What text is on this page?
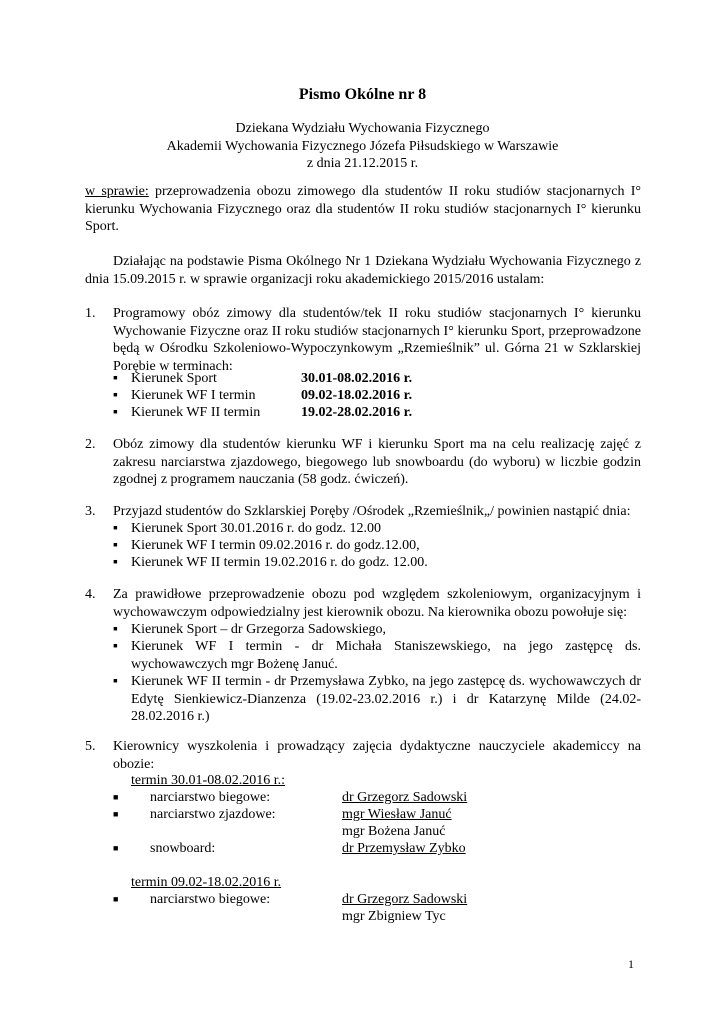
Pismo Okólne nr 8
Dziekana Wydziału Wychowania Fizycznego
Akademii Wychowania Fizycznego Józefa Piłsudskiego w Warszawie
z dnia 21.12.2015 r.
w sprawie: przeprowadzenia obozu zimowego dla studentów II roku studiów stacjonarnych I° kierunku Wychowania Fizycznego oraz dla studentów II roku studiów stacjonarnych I° kierunku Sport.
Działając na podstawie Pisma Okólnego Nr 1 Dziekana Wydziału Wychowania Fizycznego z dnia 15.09.2015 r. w sprawie organizacji roku akademickiego 2015/2016 ustalam:
1. Programowy obóz zimowy dla studentów/tek II roku studiów stacjonarnych I° kierunku Wychowanie Fizyczne oraz II roku studiów stacjonarnych I° kierunku Sport, przeprowadzone będą w Ośrodku Szkoleniowo-Wypoczynkowym „Rzemieślnik” ul. Górna 21 w Szklarskiej Porębie w terminach:
▪ Kierunek Sport	30.01-08.02.2016 r.
▪ Kierunek WF I termin	09.02-18.02.2016 r.
▪ Kierunek WF II termin	19.02-28.02.2016 r.
2. Obóz zimowy dla studentów kierunku WF i kierunku Sport ma na celu realizację zajęć z zakresu narciarstwa zjazdowego, biegowego lub snowboardu (do wyboru) w liczbie godzin zgodnej z programem nauczania (58 godz. ćwiczeń).
3. Przyjazd studentów do Szklarskiej Poręby /Ośrodek „Rzemieślnik„/ powinien nastąpić dnia:
▪ Kierunek Sport 30.01.2016 r. do godz. 12.00
▪ Kierunek WF I termin 09.02.2016 r. do godz.12.00,
▪ Kierunek WF II termin 19.02.2016 r. do godz. 12.00.
4. Za prawidłowe przeprowadzenie obozu pod względem szkoleniowym, organizacyjnym i wychowawczym odpowiedzialny jest kierownik obozu. Na kierownika obozu powołuje się:
▪ Kierunek Sport – dr Grzegorza Sadowskiego,
▪ Kierunek WF I termin - dr Michała Staniszewskiego, na jego zastępcę ds. wychowawczych mgr Bożenę Januć.
▪ Kierunek WF II termin - dr Przemysława Zybko, na jego zastępcę ds. wychowawczych dr Edytę Sienkiewicz-Dianzenza (19.02-23.02.2016 r.) i dr Katarzynę Milde (24.02-28.02.2016 r.)
5. Kierownicy wyszkolenia i prowadzący zajęcia dydaktyczne nauczyciele akademiccy na obozie:
termin 30.01-08.02.2016 r.:
■ narciarstwo biegowe:	dr Grzegorz Sadowski
■ narciarstwo zjazdowe:	mgr Wiesław Januć
mgr Bożena Januć
■ snowboard:	dr Przemysław Zybko
termin 09.02-18.02.2016 r.
■ narciarstwo biegowe:	dr Grzegorz Sadowski
mgr Zbigniew Tyc
1
